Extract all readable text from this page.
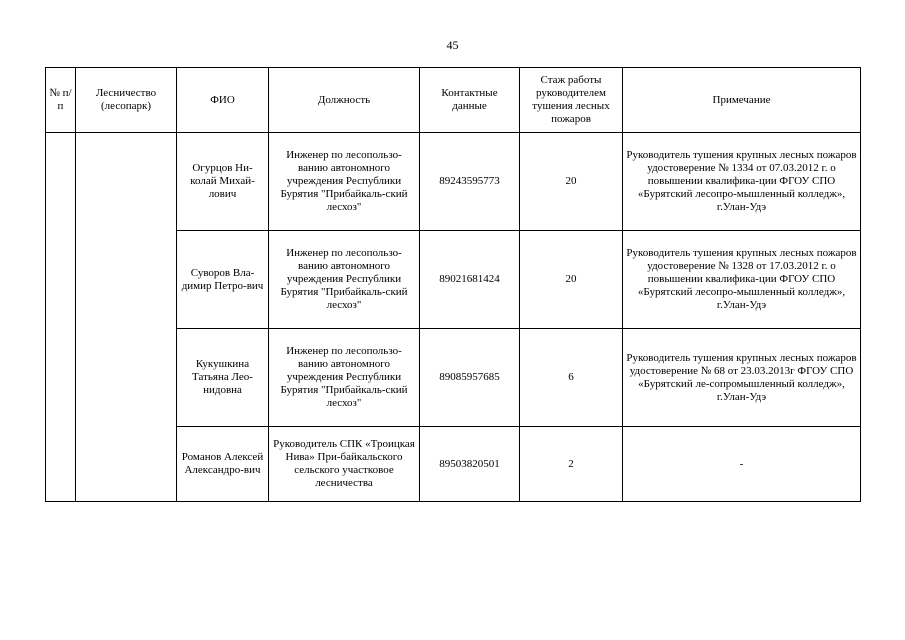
45
№ п/п	Лесничество (лесопарк)	ФИО	Должность	Контактные данные	Стаж работы руководителем тушения лесных пожаров	Примечание
		Огурцов Ни-колай Михай-лович	Инженер по лесопользо-ванию автономного учреждения Республики Бурятия "Прибайкаль-ский лесхоз"	89243595773	20	Руководитель тушения крупных лесных пожаров удостоверение № 1334 от 07.03.2012 г. о повышении квалифика-ции ФГОУ СПО «Бурятский лесопро-мышленный колледж», г.Улан-Удэ
		Суворов Вла-димир Петро-вич	Инженер по лесопользо-ванию автономного учреждения Республики Бурятия "Прибайкаль-ский лесхоз"	89021681424	20	Руководитель тушения крупных лесных пожаров удостоверение № 1328 от 17.03.2012 г. о повышении квалифика-ции ФГОУ СПО «Бурятский лесопро-мышленный колледж», г.Улан-Удэ
		Кукушкина Татьяна Лео-нидовна	Инженер по лесопользо-ванию автономного учреждения Республики Бурятия "Прибайкаль-ский лесхоз"	89085957685	6	Руководитель тушения крупных лесных пожаров удостоверение № 68 от 23.03.2013г ФГОУ СПО «Бурятский ле-сопромышленный колледж», г.Улан-Удэ
		Романов Алексей Александро-вич	Руководитель СПК «Троицкая Нива» При-байкальского сельского участковое лесничества	89503820501	2	-
